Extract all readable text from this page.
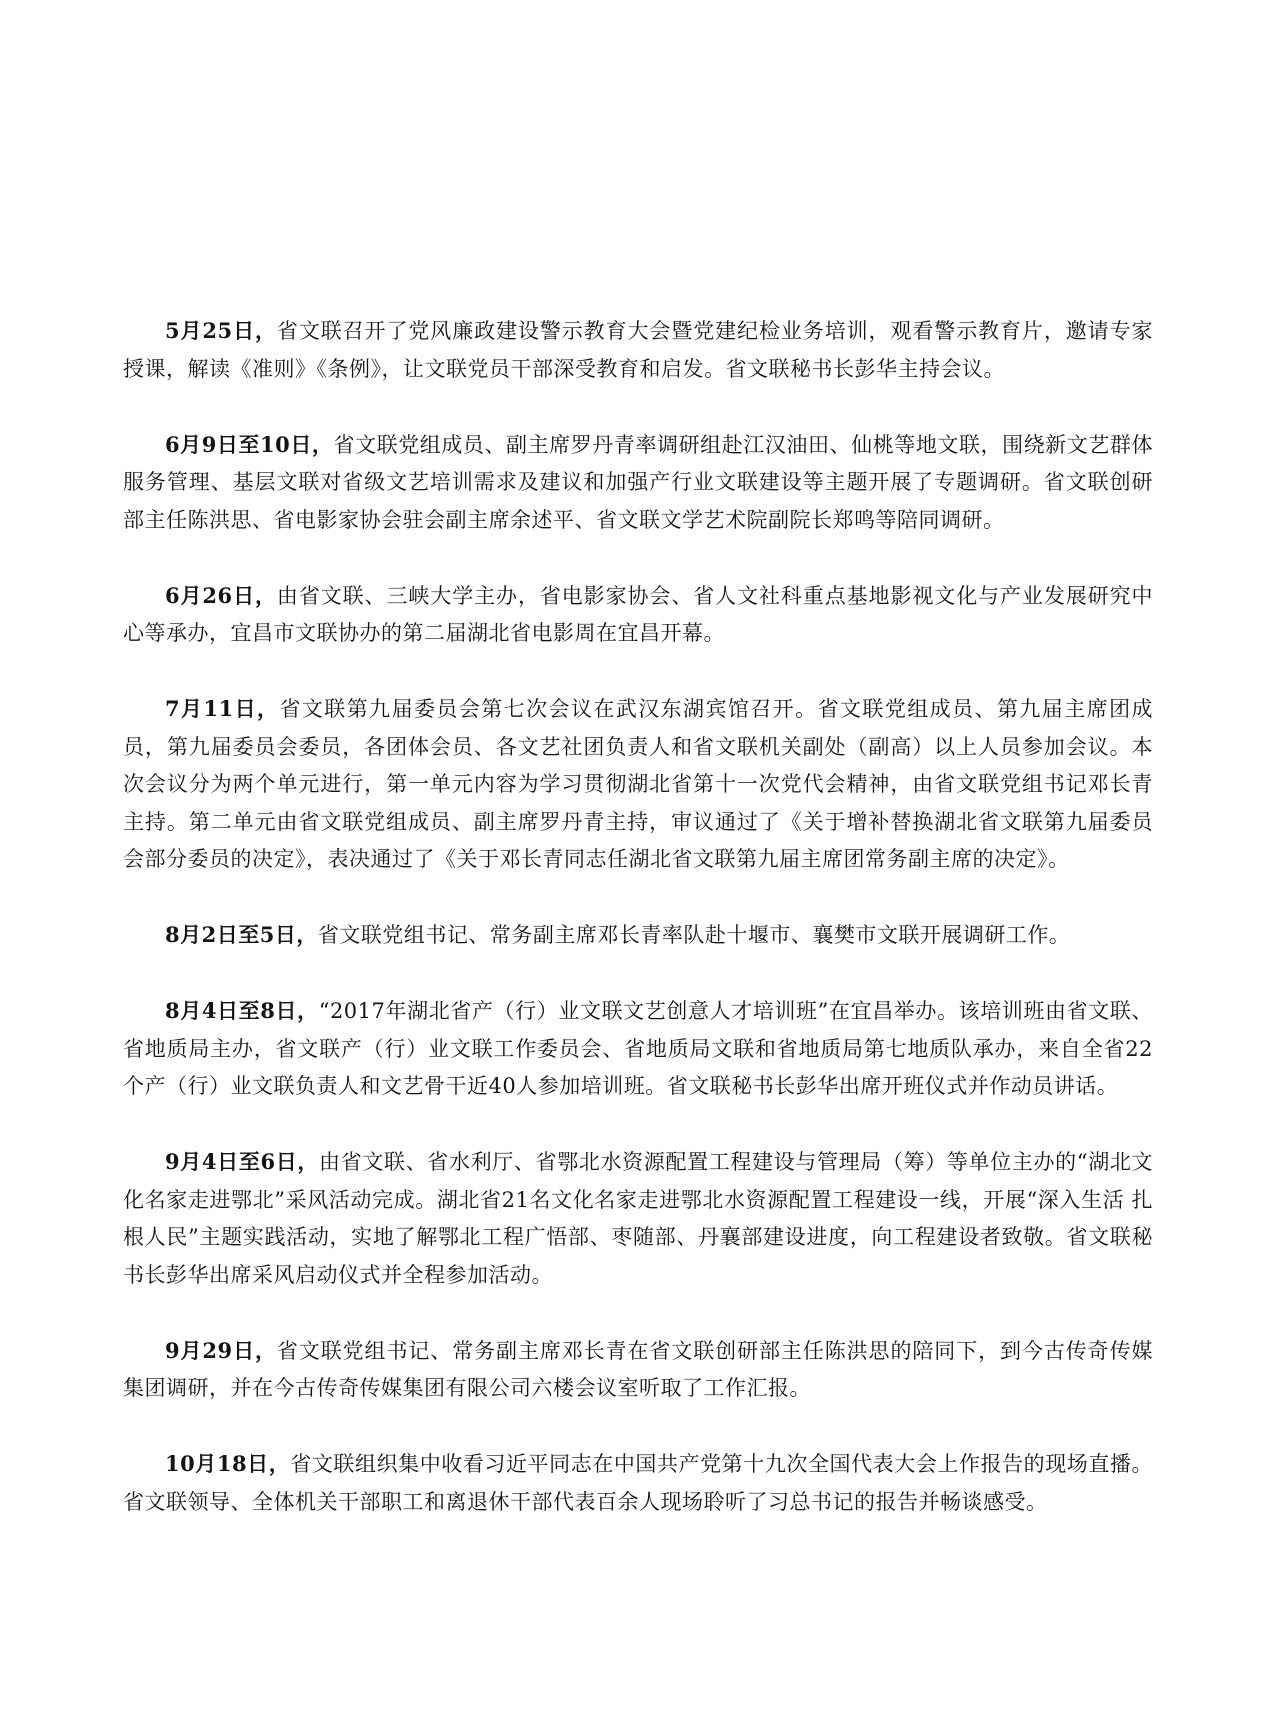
5月25日，省文联召开了党风廉政建设警示教育大会暨党建纪检业务培训，观看警示教育片，邀请专家授课，解读《准则》《条例》，让文联党员干部深受教育和启发。省文联秘书长彭华主持会议。

6月9日至10日，省文联党组成员、副主席罗丹青率调研组赴江汉油田、仙桃等地文联，围绕新文艺群体服务管理、基层文联对省级文艺培训需求及建议和加强产行业文联建设等主题开展了专题调研。省文联创研部主任陈洪思、省电影家协会驻会副主席余述平、省文联文学艺术院副院长郑鸣等陪同调研。

6月26日，由省文联、三峡大学主办，省电影家协会、省人文社科重点基地影视文化与产业发展研究中心等承办，宜昌市文联协办的第二届湖北省电影周在宜昌开幕。

7月11日，省文联第九届委员会第七次会议在武汉东湖宾馆召开。省文联党组成员、第九届主席团成员，第九届委员会委员，各团体会员、各文艺社团负责人和省文联机关副处（副高）以上人员参加会议。本次会议分为两个单元进行，第一单元内容为学习贯彻湖北省第十一次党代会精神，由省文联党组书记邓长青主持。第二单元由省文联党组成员、副主席罗丹青主持，审议通过了《关于增补替换湖北省文联第九届委员会部分委员的决定》，表决通过了《关于邓长青同志任湖北省文联第九届主席团常务副主席的决定》。

8月2日至5日，省文联党组书记、常务副主席邓长青率队赴十堰市、襄樊市文联开展调研工作。

8月4日至8日，“2017年湖北省产（行）业文联文艺创意人才培训班”在宜昌举办。该培训班由省文联、省地质局主办，省文联产（行）业文联工作委员会、省地质局文联和省地质局第七地质队承办，来自全省22个产（行）业文联负责人和文艺骨干近40人参加培训班。省文联秘书长彭华出席开班仪式并作动员讲话。

9月4日至6日，由省文联、省水利厅、省鄂北水资源配置工程建设与管理局（筹）等单位主办的“湖北文化名家走进鄂北”采风活动完成。湖北省21名文化名家走进鄂北水资源配置工程建设一线，开展“深入生活 扎根人民”主题实践活动，实地了解鄂北工程广悟部、枣随部、丹襄部建设进度，向工程建设者致敬。省文联秘书长彭华出席采风启动仪式并全程参加活动。

9月29日，省文联党组书记、常务副主席邓长青在省文联创研部主任陈洪思的陪同下，到今古传奇传媒集团调研，并在今古传奇传媒集团有限公司六楼会议室听取了工作汇报。

10月18日，省文联组织集中收看习近平同志在中国共产党第十九次全国代表大会上作报告的现场直播。省文联领导、全体机关干部职工和离退休干部代表百余人现场聆听了习总书记的报告并畅谈感受。
